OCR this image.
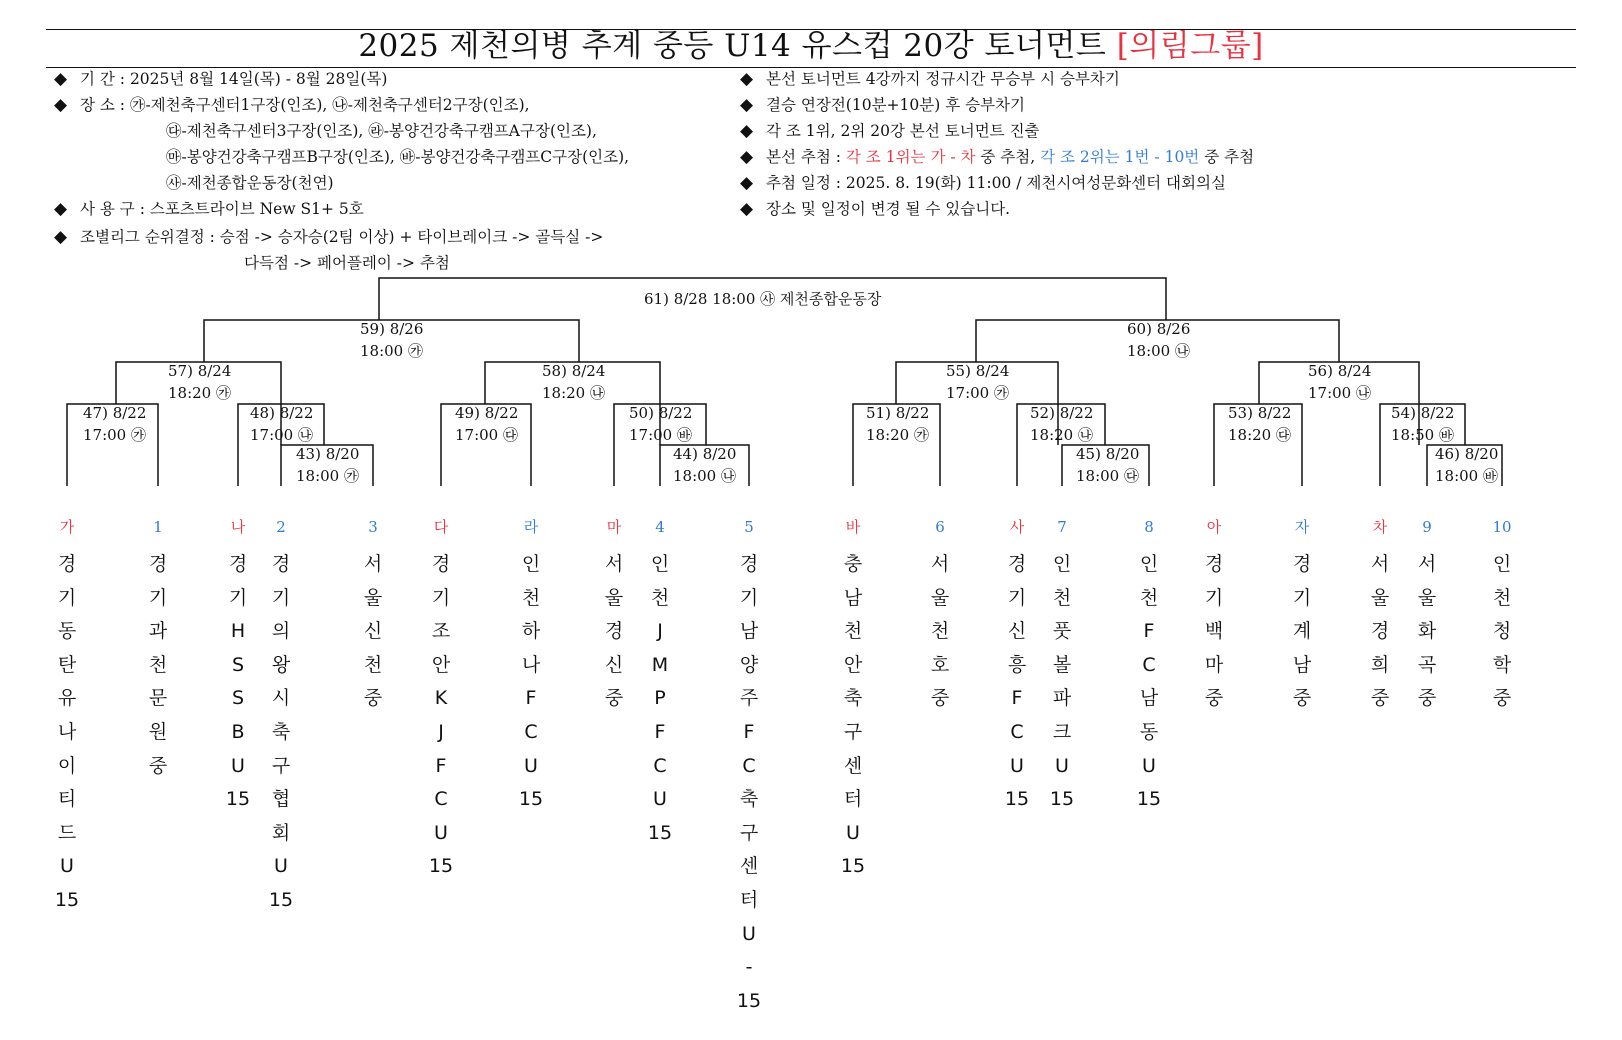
2025 제천의병 추계 중등 U14 유스컵 20강 토너먼트 [의림그룹]
◆ 기 간 : 2025년 8월 14일(목) - 8월 28일(목)
◆ 장 소 : ㉮-제천축구센터1구장(인조), ㉯-제천축구센터2구장(인조),
㉰-제천축구센터3구장(인조), ㉱-봉양건강축구캠프A구장(인조),
㉲-봉양건강축구캠프B구장(인조), ㉳-봉양건강축구캠프C구장(인조),
㉴-제천종합운동장(천연)
◆ 사 용 구 : 스포츠트라이브 New S1+ 5호
◆ 조별리그 순위결정 : 승점 -> 승자승(2팀 이상) + 타이브레이크 -> 골득실 ->
다득점 -> 페어플레이 -> 추첨
◆ 본선 토너먼트 4강까지 정규시간 무승부 시 승부차기
◆ 결승 연장전(10분+10분) 후 승부차기
◆ 각 조 1위, 2위 20강 본선 토너먼트 진출
◆ 본선 추첨 : 각 조 1위는 가 - 차 중 추첨, 각 조 2위는 1번 - 10번 중 추첨
◆ 추첨 일정 : 2025. 8. 19(화) 11:00 / 제천시여성문화센터 대회의실
◆ 장소 및 일정이 변경 될 수 있습니다.
61) 8/28 18:00 ㉴ 제천종합운동장
59) 8/26
18:00 ㉮
60) 8/26
18:00 ㉯
57) 8/24
18:20 ㉮
58) 8/24
18:20 ㉯
55) 8/24
17:00 ㉮
56) 8/24
17:00 ㉯
47) 8/22
17:00 ㉮
48) 8/22
17:00 ㉯
49) 8/22
17:00 ㉰
50) 8/22
17:00 ㉳
51) 8/22
18:20 ㉮
52) 8/22
18:20 ㉯
53) 8/22
18:20 ㉰
54) 8/22
18:50 ㉳
43) 8/20
18:00 ㉮
44) 8/20
18:00 ㉯
45) 8/20
18:00 ㉰
46) 8/20
18:00 ㉳
가
경
기
동
탄
유
나
이
티
드
U
15
1
경
기
과
천
문
원
중
나
경
기
H
S
S
B
U
15
2
경
기
의
왕
시
축
구
협
회
U
15
3
서
울
신
천
중
다
경
기
조
안
K
J
F
C
U
15
라
인
천
하
나
F
C
U
15
마
서
울
경
신
중
4
인
천
J
M
P
F
C
U
15
5
경
기
남
양
주
F
C
축
구
센
터
U
-
15
바
충
남
천
안
축
구
센
터
U
15
6
서
울
천
호
중
사
경
기
신
흥
F
C
U
15
7
인
천
풋
볼
파
크
U
15
8
인
천
F
C
남
동
U
15
아
경
기
백
마
중
자
경
기
계
남
중
차
서
울
경
희
중
9
서
울
화
곡
중
10
인
천
청
학
중
